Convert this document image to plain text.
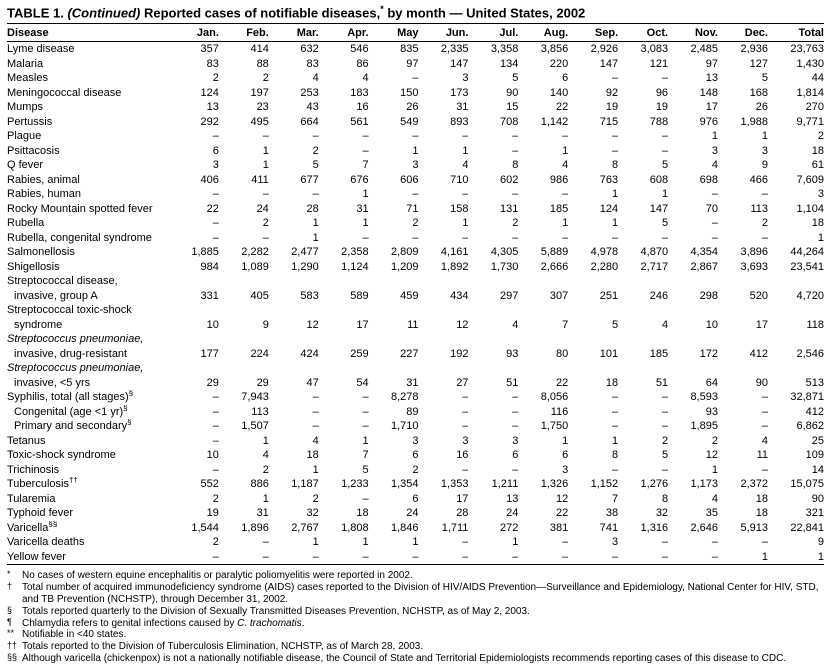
TABLE 1. (Continued) Reported cases of notifiable diseases,* by month — United States, 2002
Disease	Jan.	Feb.	Mar.	Apr.	May	Jun.	Jul.	Aug.	Sep.	Oct.	Nov.	Dec.	Total
Lyme disease	357	414	632	546	835	2,335	3,358	3,856	2,926	3,083	2,485	2,936	23,763
Malaria	83	88	83	86	97	147	134	220	147	121	97	127	1,430
Measles	2	2	4	4	–	3	5	6	–	–	13	5	44
Meningococcal disease	124	197	253	183	150	173	90	140	92	96	148	168	1,814
Mumps	13	23	43	16	26	31	15	22	19	19	17	26	270
Pertussis	292	495	664	561	549	893	708	1,142	715	788	976	1,988	9,771
Plague	–	–	–	–	–	–	–	–	–	–	1	1	2
Psittacosis	6	1	2	–	1	1	–	1	–	–	3	3	18
Q fever	3	1	5	7	3	4	8	4	8	5	4	9	61
Rabies, animal	406	411	677	676	606	710	602	986	763	608	698	466	7,609
Rabies, human	–	–	–	1	–	–	–	–	1	1	–	–	3
Rocky Mountain spotted fever	22	24	28	31	71	158	131	185	124	147	70	113	1,104
Rubella	–	2	1	1	2	1	2	1	1	5	–	2	18
Rubella, congenital syndrome	–	–	1	–	–	–	–	–	–	–	–	–	1
Salmonellosis	1,885	2,282	2,477	2,358	2,809	4,161	4,305	5,889	4,978	4,870	4,354	3,896	44,264
Shigellosis	984	1,089	1,290	1,124	1,209	1,892	1,730	2,666	2,280	2,717	2,867	3,693	23,541
Streptococcal disease,													
invasive, group A	331	405	583	589	459	434	297	307	251	246	298	520	4,720
Streptococcal toxic-shock													
syndrome	10	9	12	17	11	12	4	7	5	4	10	17	118
Streptococcus pneumoniae,													
invasive, drug-resistant	177	224	424	259	227	192	93	80	101	185	172	412	2,546
Streptococcus pneumoniae,													
invasive, <5 yrs	29	29	47	54	31	27	51	22	18	51	64	90	513
Syphilis, total (all stages)§	–	7,943	–	–	8,278	–	–	8,056	–	–	8,593	–	32,871
Congenital (age <1 yr)§	–	113	–	–	89	–	–	116	–	–	93	–	412
Primary and secondary§	–	1,507	–	–	1,710	–	–	1,750	–	–	1,895	–	6,862
Tetanus	–	1	4	1	3	3	3	1	1	2	2	4	25
Toxic-shock syndrome	10	4	18	7	6	16	6	6	8	5	12	11	109
Trichinosis	–	2	1	5	2	–	–	3	–	–	1	–	14
Tuberculosis††	552	886	1,187	1,233	1,354	1,353	1,211	1,326	1,152	1,276	1,173	2,372	15,075
Tularemia	2	1	2	–	6	17	13	12	7	8	4	18	90
Typhoid fever	19	31	32	18	24	28	24	22	38	32	35	18	321
Varicella§§	1,544	1,896	2,767	1,808	1,846	1,711	272	381	741	1,316	2,646	5,913	22,841
Varicella deaths	2	–	1	1	1	–	1	–	3	–	–	–	9
Yellow fever	–	–	–	–	–	–	–	–	–	–	–	1	1
*	No cases of western equine encephalitis or paralytic poliomyelitis were reported in 2002.
† Total number of acquired immunodeficiency syndrome (AIDS) cases reported to the Division of HIV/AIDS Prevention—Surveillance and Epidemiology, National Center for HIV, STD, and TB Prevention (NCHSTP), through December 31, 2002.
§ Totals reported quarterly to the Division of Sexually Transmitted Diseases Prevention, NCHSTP, as of May 2, 2003.
¶	Chlamydia refers to genital infections caused by C. trachomatis.
** Notifiable in <40 states.
†† Totals reported to the Division of Tuberculosis Elimination, NCHSTP, as of March 28, 2003.
§§ Although varicella (chickenpox) is not a nationally notifiable disease, the Council of State and Territorial Epidemiologists recommends reporting cases of this disease to CDC.
